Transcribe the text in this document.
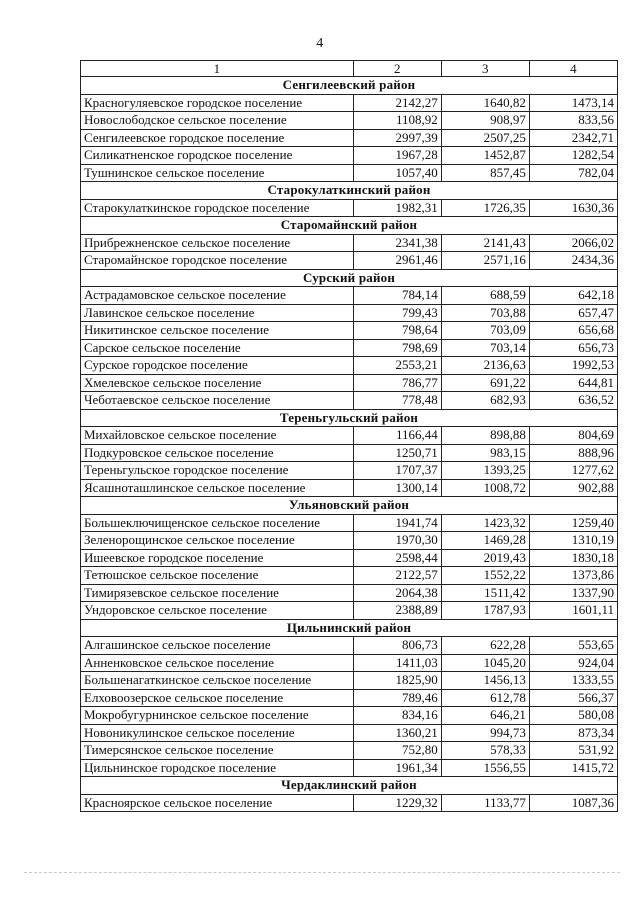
4
1	2	3	4
Сенгилеевский район			
Красногуляевское городское поселение	2142,27	1640,82	1473,14
Новослободское сельское поселение	1108,92	908,97	833,56
Сенгилеевское городское поселение	2997,39	2507,25	2342,71
Силикатненское городское поселение	1967,28	1452,87	1282,54
Тушнинское сельское поселение	1057,40	857,45	782,04
Старокулаткинский район			
Старокулаткинское городское поселение	1982,31	1726,35	1630,36
Старомайнский район			
Прибрежненское сельское поселение	2341,38	2141,43	2066,02
Старомайнское городское поселение	2961,46	2571,16	2434,36
Сурский район			
Астрадамовское сельское поселение	784,14	688,59	642,18
Лавинское сельское поселение	799,43	703,88	657,47
Никитинское сельское поселение	798,64	703,09	656,68
Сарское сельское поселение	798,69	703,14	656,73
Сурское городское поселение	2553,21	2136,63	1992,53
Хмелевское сельское поселение	786,77	691,22	644,81
Чеботаевское сельское поселение	778,48	682,93	636,52
Тереньгульский район			
Михайловское сельское поселение	1166,44	898,88	804,69
Подкуровское сельское поселение	1250,71	983,15	888,96
Тереньгульское городское поселение	1707,37	1393,25	1277,62
Ясашноташлинское сельское поселение	1300,14	1008,72	902,88
Ульяновский район			
Большеключищенское сельское поселение	1941,74	1423,32	1259,40
Зеленорощинское сельское поселение	1970,30	1469,28	1310,19
Ишеевское городское поселение	2598,44	2019,43	1830,18
Тетюшское сельское поселение	2122,57	1552,22	1373,86
Тимирязевское сельское поселение	2064,38	1511,42	1337,90
Ундоровское сельское поселение	2388,89	1787,93	1601,11
Цильнинский район			
Алгашинское сельское поселение	806,73	622,28	553,65
Анненковское сельское поселение	1411,03	1045,20	924,04
Большенагаткинское сельское поселение	1825,90	1456,13	1333,55
Елховоозерское сельское поселение	789,46	612,78	566,37
Мокробугурнинское сельское поселение	834,16	646,21	580,08
Новоникулинское сельское поселение	1360,21	994,73	873,34
Тимерсянское сельское поселение	752,80	578,33	531,92
Цильнинское городское поселение	1961,34	1556,55	1415,72
Чердаклинский район			
Красноярское сельское поселение	1229,32	1133,77	1087,36
